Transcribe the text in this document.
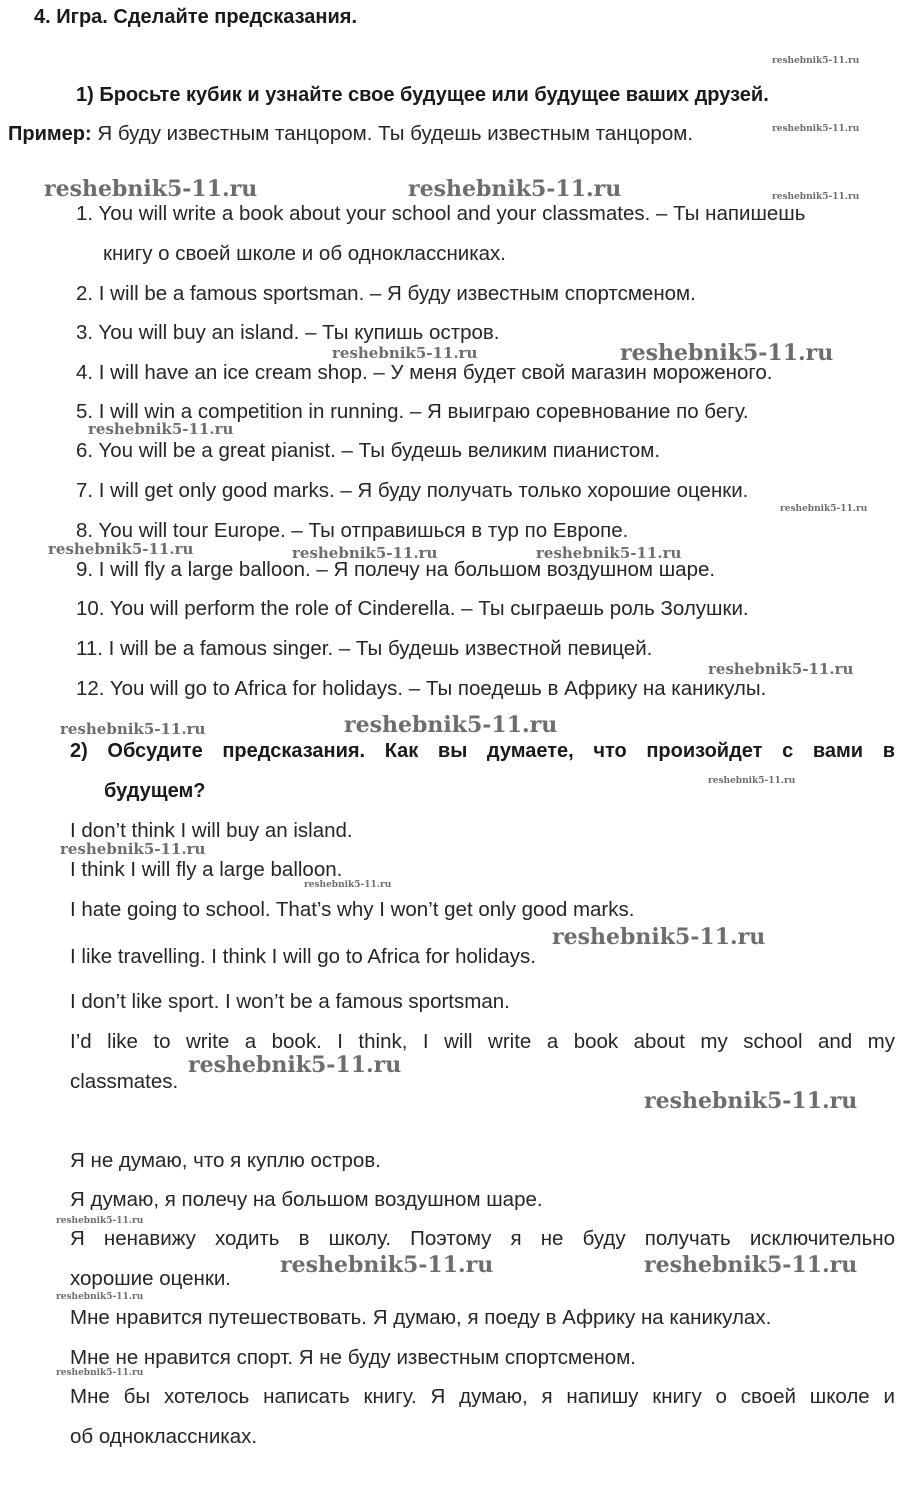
4. Игра. Сделайте предсказания.
1) Бросьте кубик и узнайте свое будущее или будущее ваших друзей.
Пример: Я буду известным танцором. Ты будешь известным танцором.
1. You will write a book about your school and your classmates. – Ты напишешь
книгу о своей школе и об одноклассниках.
2. I will be a famous sportsman. – Я буду известным спортсменом.
3. You will buy an island. – Ты купишь остров.
4. I will have an ice cream shop. – У меня будет свой магазин мороженого.
5. I will win a competition in running. – Я выиграю соревнование по бегу.
6. You will be a great pianist. – Ты будешь великим пианистом.
7. I will get only good marks. – Я буду получать только хорошие оценки.
8. You will tour Europe. – Ты отправишься в тур по Европе.
9. I will fly a large balloon. – Я полечу на большом воздушном шаре.
10. You will perform the role of Cinderella. – Ты сыграешь роль Золушки.
11. I will be a famous singer. – Ты будешь известной певицей.
12. You will go to Africa for holidays. – Ты поедешь в Африку на каникулы.
2) Обсудите предсказания. Как вы думаете, что произойдет с вами в
будущем?
I don’t think I will buy an island.
I think I will fly a large balloon.
I hate going to school. That’s why I won’t get only good marks.
I like travelling. I think I will go to Africa for holidays.
I don’t like sport. I won’t be a famous sportsman.
I’d like to write a book. I think, I will write a book about my school and my
classmates.
Я не думаю, что я куплю остров.
Я думаю, я полечу на большом воздушном шаре.
Я ненавижу ходить в школу. Поэтому я не буду получать исключительно
хорошие оценки.
Мне нравится путешествовать. Я думаю, я поеду в Африку на каникулах.
Мне не нравится спорт. Я не буду известным спортсменом.
Мне бы хотелось написать книгу. Я думаю, я напишу книгу о своей школе и
об одноклассниках.
reshebnik5-11.ru
reshebnik5-11.ru
reshebnik5-11.ru	reshebnik5-11.ru	reshebnik5-11.ru
reshebnik5-11.ru	reshebnik5-11.ru
reshebnik5-11.ru
reshebnik5-11.ru
reshebnik5-11.ru	reshebnik5-11.ru	reshebnik5-11.ru
reshebnik5-11.ru
reshebnik5-11.ru	reshebnik5-11.ru
reshebnik5-11.ru
reshebnik5-11.ru
reshebnik5-11.ru
reshebnik5-11.ru
reshebnik5-11.ru
reshebnik5-11.ru
reshebnik5-11.ru
reshebnik5-11.ru	reshebnik5-11.ru
reshebnik5-11.ru
reshebnik5-11.ru
